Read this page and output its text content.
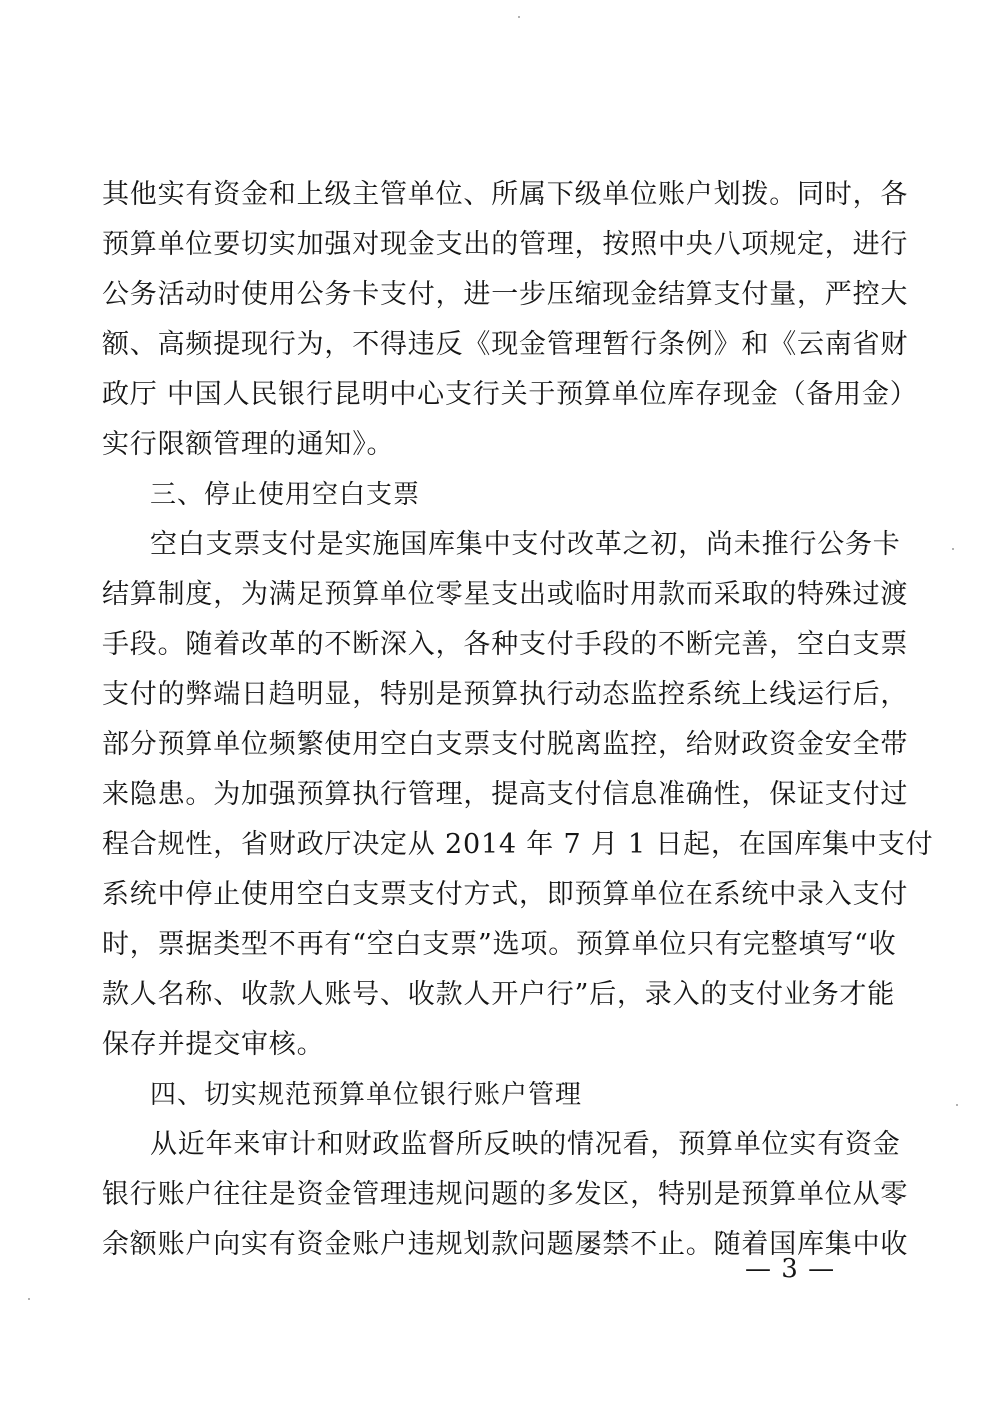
其他实有资金和上级主管单位、所属下级单位账户划拨。同时，各
预算单位要切实加强对现金支出的管理，按照中央八项规定，进行
公务活动时使用公务卡支付，进一步压缩现金结算支付量，严控大
额、高频提现行为，不得违反《现金管理暂行条例》和《云南省财
政厅 中国人民银行昆明中心支行关于预算单位库存现金（备用金）
实行限额管理的通知》。
三、停止使用空白支票
空白支票支付是实施国库集中支付改革之初，尚未推行公务卡
结算制度，为满足预算单位零星支出或临时用款而采取的特殊过渡
手段。随着改革的不断深入，各种支付手段的不断完善，空白支票
支付的弊端日趋明显，特别是预算执行动态监控系统上线运行后，
部分预算单位频繁使用空白支票支付脱离监控，给财政资金安全带
来隐患。为加强预算执行管理，提高支付信息准确性，保证支付过
程合规性，省财政厅决定从 2014 年 7 月 1 日起，在国库集中支付
系统中停止使用空白支票支付方式，即预算单位在系统中录入支付
时，票据类型不再有“空白支票”选项。预算单位只有完整填写“收
款人名称、收款人账号、收款人开户行”后，录入的支付业务才能
保存并提交审核。
四、切实规范预算单位银行账户管理
从近年来审计和财政监督所反映的情况看，预算单位实有资金
银行账户往往是资金管理违规问题的多发区，特别是预算单位从零
余额账户向实有资金账户违规划款问题屡禁不止。随着国库集中收
— 3 —
